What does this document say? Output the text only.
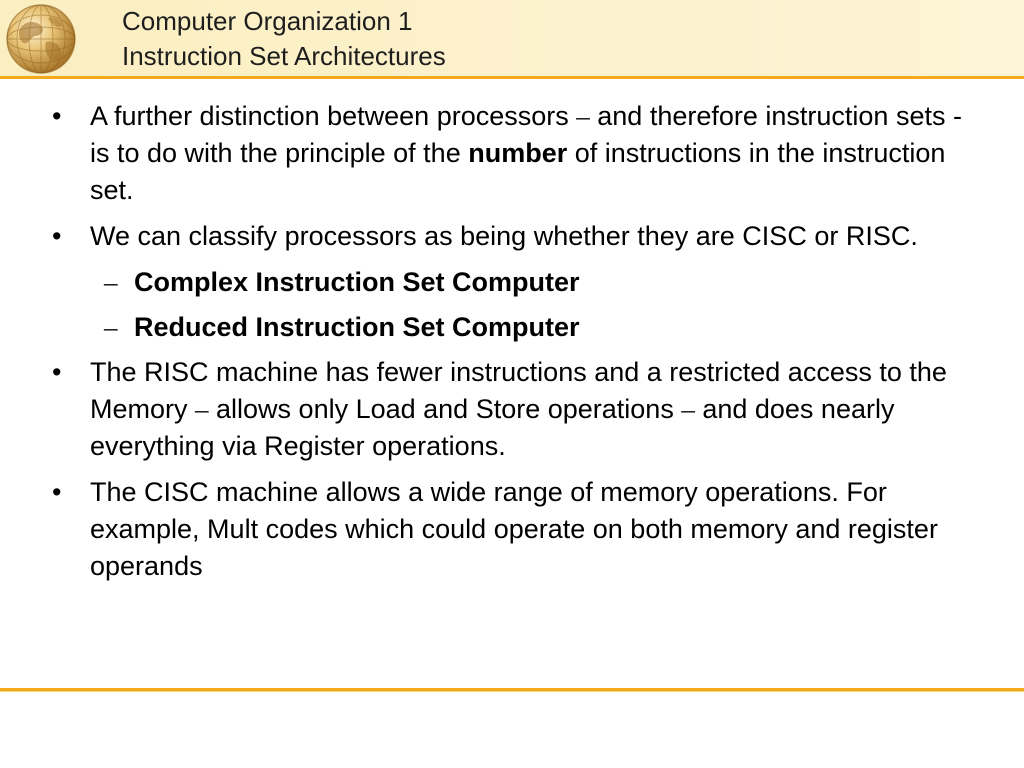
Computer Organization 1
Instruction Set Architectures
• A further distinction between processors – and therefore instruction sets - is to do with the principle of the number of instructions in the instruction set.
• We can classify processors as being whether they are CISC or RISC.
– Complex Instruction Set Computer
– Reduced Instruction Set Computer
• The RISC machine has fewer instructions and a restricted access to the Memory – allows only Load and Store operations – and does nearly everything via Register operations.
• The CISC machine allows a wide range of memory operations. For example, Mult codes which could operate on both memory and register operands
